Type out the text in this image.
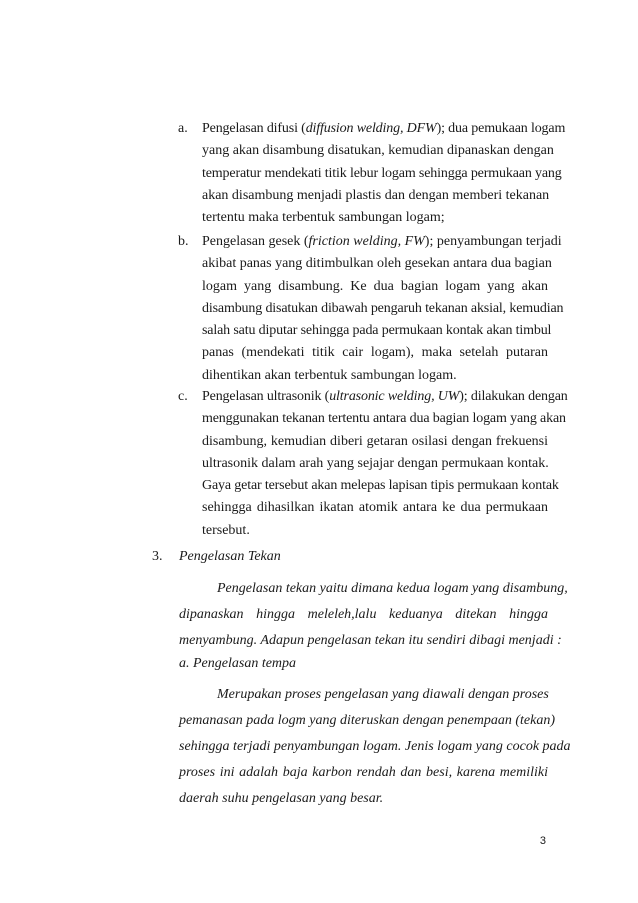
a. Pengelasan difusi (diffusion welding, DFW); dua pemukaan logam
yang akan disambung disatukan, kemudian dipanaskan dengan
temperatur mendekati titik lebur logam sehingga permukaan yang
akan disambung menjadi plastis dan dengan memberi tekanan
tertentu maka terbentuk sambungan logam;
b. Pengelasan gesek (friction welding, FW); penyambungan terjadi
akibat panas yang ditimbulkan oleh gesekan antara dua bagian
logam yang disambung. Ke dua bagian logam yang akan
disambung disatukan dibawah pengaruh tekanan aksial, kemudian
salah satu diputar sehingga pada permukaan kontak akan timbul
panas (mendekati titik cair logam), maka setelah putaran
dihentikan akan terbentuk sambungan logam.
c. Pengelasan ultrasonik (ultrasonic welding, UW); dilakukan dengan
menggunakan tekanan tertentu antara dua bagian logam yang akan
disambung, kemudian diberi getaran osilasi dengan frekuensi
ultrasonik dalam arah yang sejajar dengan permukaan kontak.
Gaya getar tersebut akan melepas lapisan tipis permukaan kontak
sehingga dihasilkan ikatan atomik antara ke dua permukaan
tersebut.
3. Pengelasan Tekan
Pengelasan tekan yaitu dimana kedua logam yang disambung,
dipanaskan hingga meleleh,lalu keduanya ditekan hingga
menyambung. Adapun pengelasan tekan itu sendiri dibagi menjadi :
a. Pengelasan tempa
Merupakan proses pengelasan yang diawali dengan proses
pemanasan pada logm yang diteruskan dengan penempaan (tekan)
sehingga terjadi penyambungan logam. Jenis logam yang cocok pada
proses ini adalah baja karbon rendah dan besi, karena memiliki
daerah suhu pengelasan yang besar.
3
